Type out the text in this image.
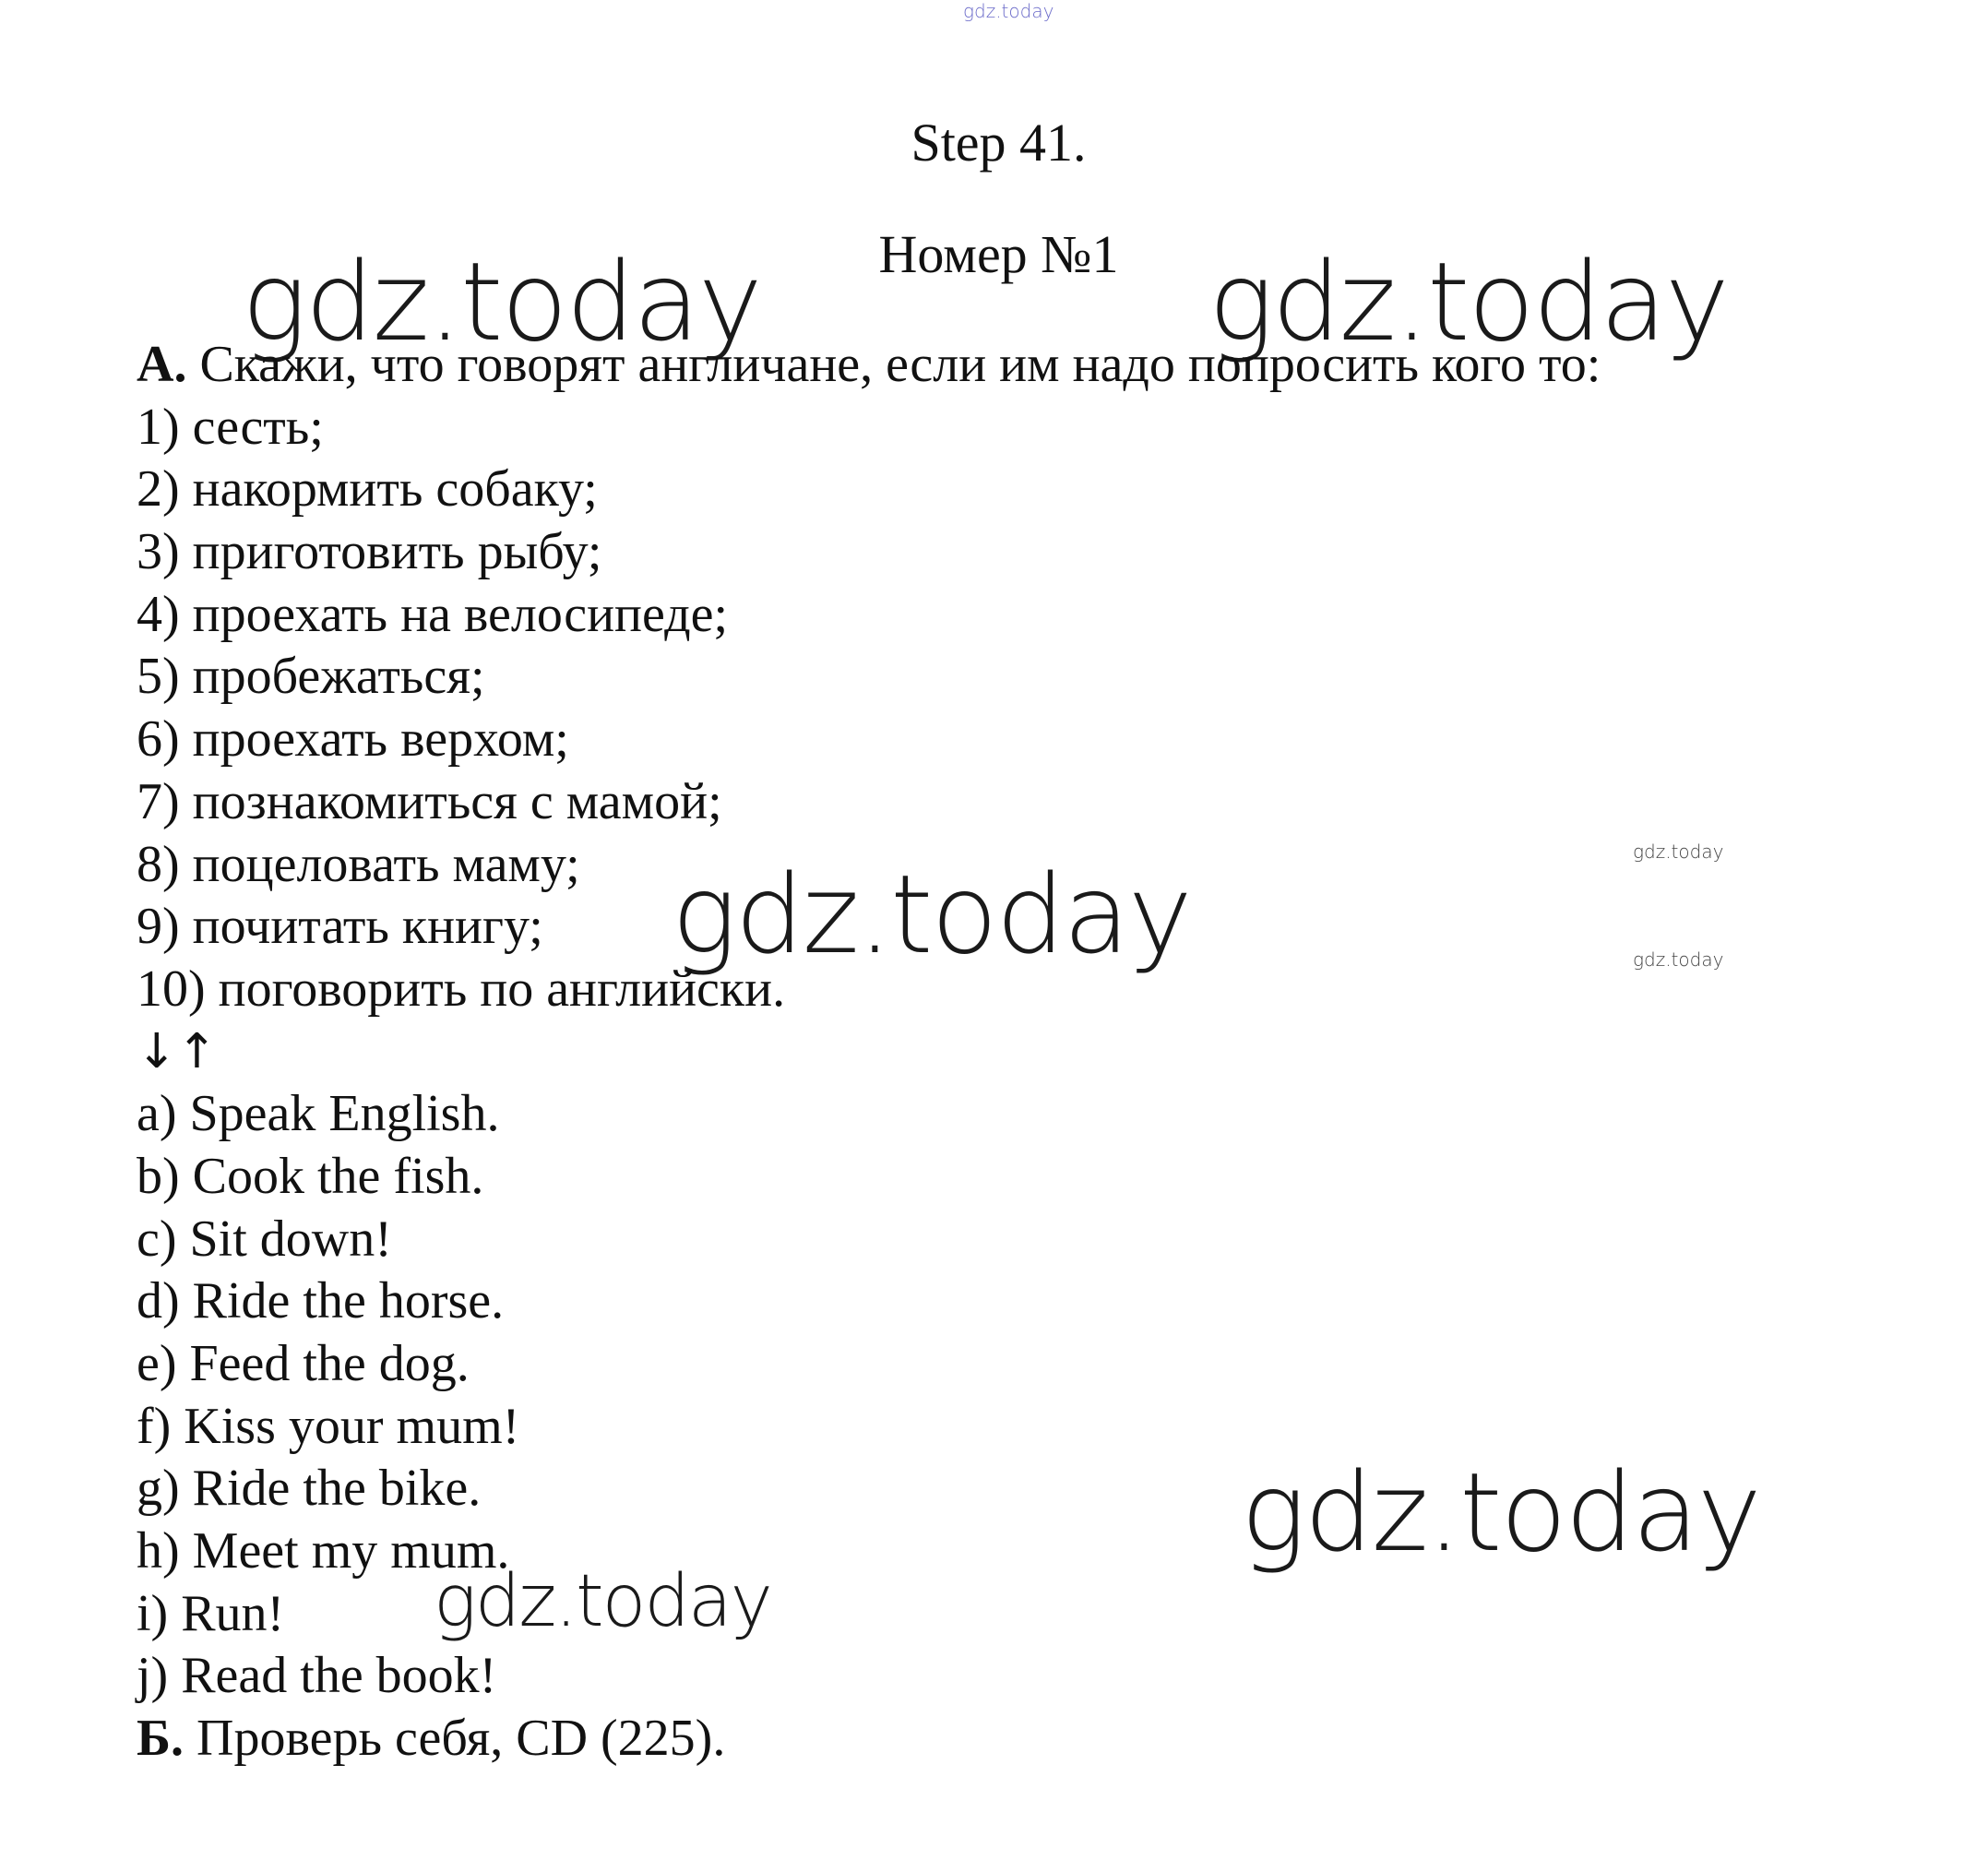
gdz.today
gdz.today	gdz.today
gdz.today	gdz.today
gdz.today
gdz.today
gdz.today
Step 41.
Номер №1
А. Скажи, что говорят англичане, если им надо попросить кого то:
1) сесть;
2) накормить собаку;
3) приготовить рыбу;
4) проехать на велосипеде;
5) пробежаться;
6) проехать верхом;
7) познакомиться с мамой;
8) поцеловать маму;
9) почитать книгу;
10) поговорить по английски.
↓↑
a) Speak English.
b) Cook the fish.
c) Sit down!
d) Ride the horse.
e) Feed the dog.
f) Kiss your mum!
g) Ride the bike.
h) Meet my mum.
i) Run!
j) Read the book!
Б. Проверь себя, CD (225).
